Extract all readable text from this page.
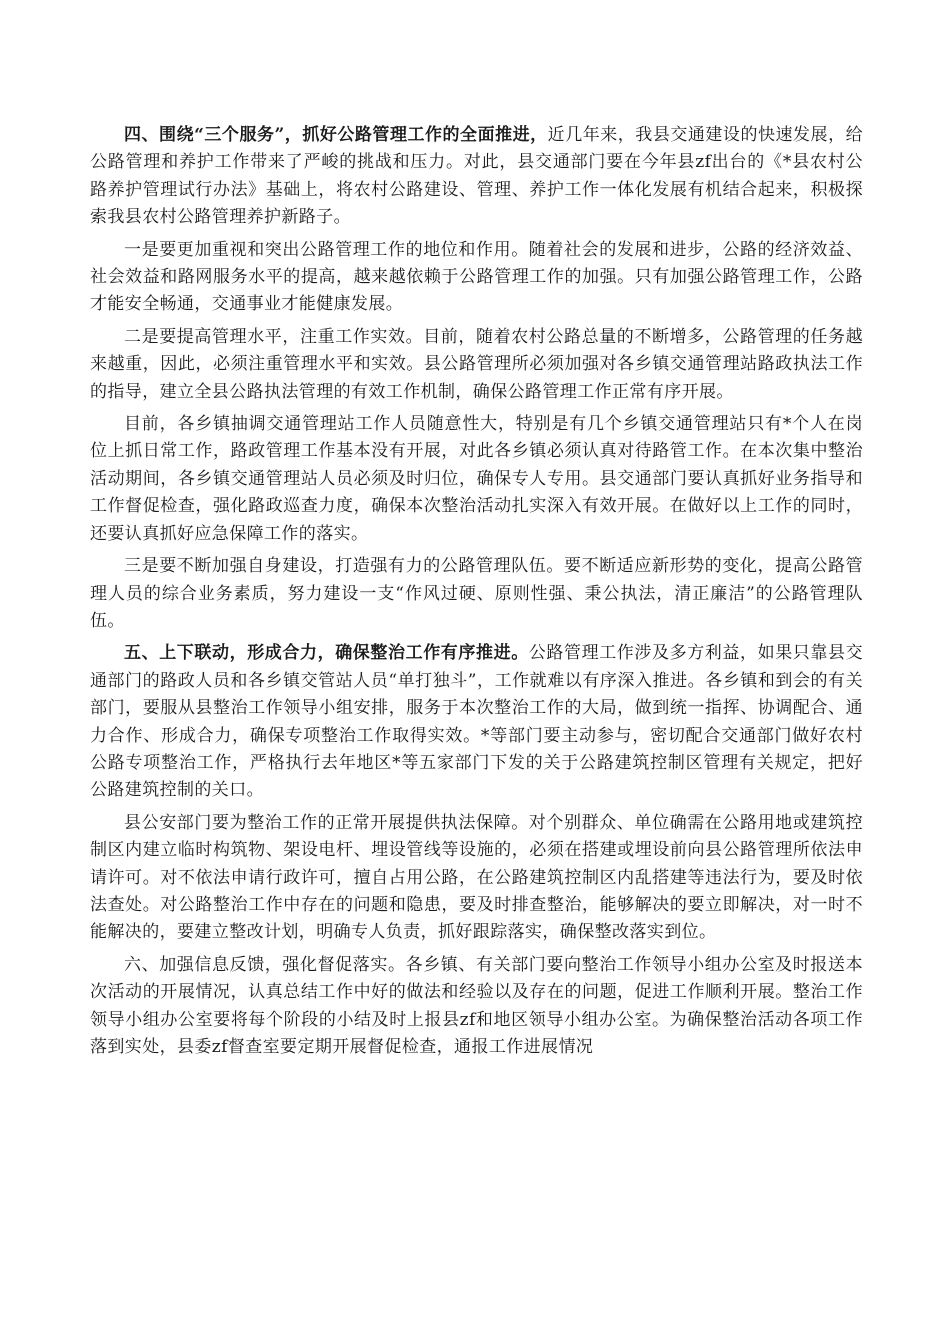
四、围绕“三个服务”，抓好公路管理工作的全面推进，近几年来，我县交通建设的快速发展，给公路管理和养护工作带来了严峻的挑战和压力。对此，县交通部门要在今年县zf出台的《*县农村公路养护管理试行办法》基础上，将农村公路建设、管理、养护工作一体化发展有机结合起来，积极探索我县农村公路管理养护新路子。

一是要更加重视和突出公路管理工作的地位和作用。随着社会的发展和进步，公路的经济效益、社会效益和路网服务水平的提高，越来越依赖于公路管理工作的加强。只有加强公路管理工作，公路才能安全畅通，交通事业才能健康发展。

二是要提高管理水平，注重工作实效。目前，随着农村公路总量的不断增多，公路管理的任务越来越重，因此，必须注重管理水平和实效。县公路管理所必须加强对各乡镇交通管理站路政执法工作的指导，建立全县公路执法管理的有效工作机制，确保公路管理工作正常有序开展。

目前，各乡镇抽调交通管理站工作人员随意性大，特别是有几个乡镇交通管理站只有*个人在岗位上抓日常工作，路政管理工作基本没有开展，对此各乡镇必须认真对待路管工作。在本次集中整治活动期间，各乡镇交通管理站人员必须及时归位，确保专人专用。县交通部门要认真抓好业务指导和工作督促检查，强化路政巡查力度，确保本次整治活动扎实深入有效开展。在做好以上工作的同时，还要认真抓好应急保障工作的落实。

三是要不断加强自身建设，打造强有力的公路管理队伍。要不断适应新形势的变化，提高公路管理人员的综合业务素质，努力建设一支“作风过硬、原则性强、秉公执法，清正廉洁”的公路管理队伍。

五、上下联动，形成合力，确保整治工作有序推进。公路管理工作涉及多方利益，如果只靠县交通部门的路政人员和各乡镇交管站人员“单打独斗”，工作就难以有序深入推进。各乡镇和到会的有关部门，要服从县整治工作领导小组安排，服务于本次整治工作的大局，做到统一指挥、协调配合、通力合作、形成合力，确保专项整治工作取得实效。*等部门要主动参与，密切配合交通部门做好农村公路专项整治工作，严格执行去年地区*等五家部门下发的关于公路建筑控制区管理有关规定，把好公路建筑控制的关口。

县公安部门要为整治工作的正常开展提供执法保障。对个别群众、单位确需在公路用地或建筑控制区内建立临时构筑物、架设电杆、埋设管线等设施的，必须在搭建或埋设前向县公路管理所依法申请许可。对不依法申请行政许可，擅自占用公路，在公路建筑控制区内乱搭建等违法行为，要及时依法查处。对公路整治工作中存在的问题和隐患，要及时排查整治，能够解决的要立即解决，对一时不能解决的，要建立整改计划，明确专人负责，抓好跟踪落实，确保整改落实到位。

六、加强信息反馈，强化督促落实。各乡镇、有关部门要向整治工作领导小组办公室及时报送本次活动的开展情况，认真总结工作中好的做法和经验以及存在的问题，促进工作顺利开展。整治工作领导小组办公室要将每个阶段的小结及时上报县zf和地区领导小组办公室。为确保整治活动各项工作落到实处，县委zf督查室要定期开展督促检查，通报工作进展情况
